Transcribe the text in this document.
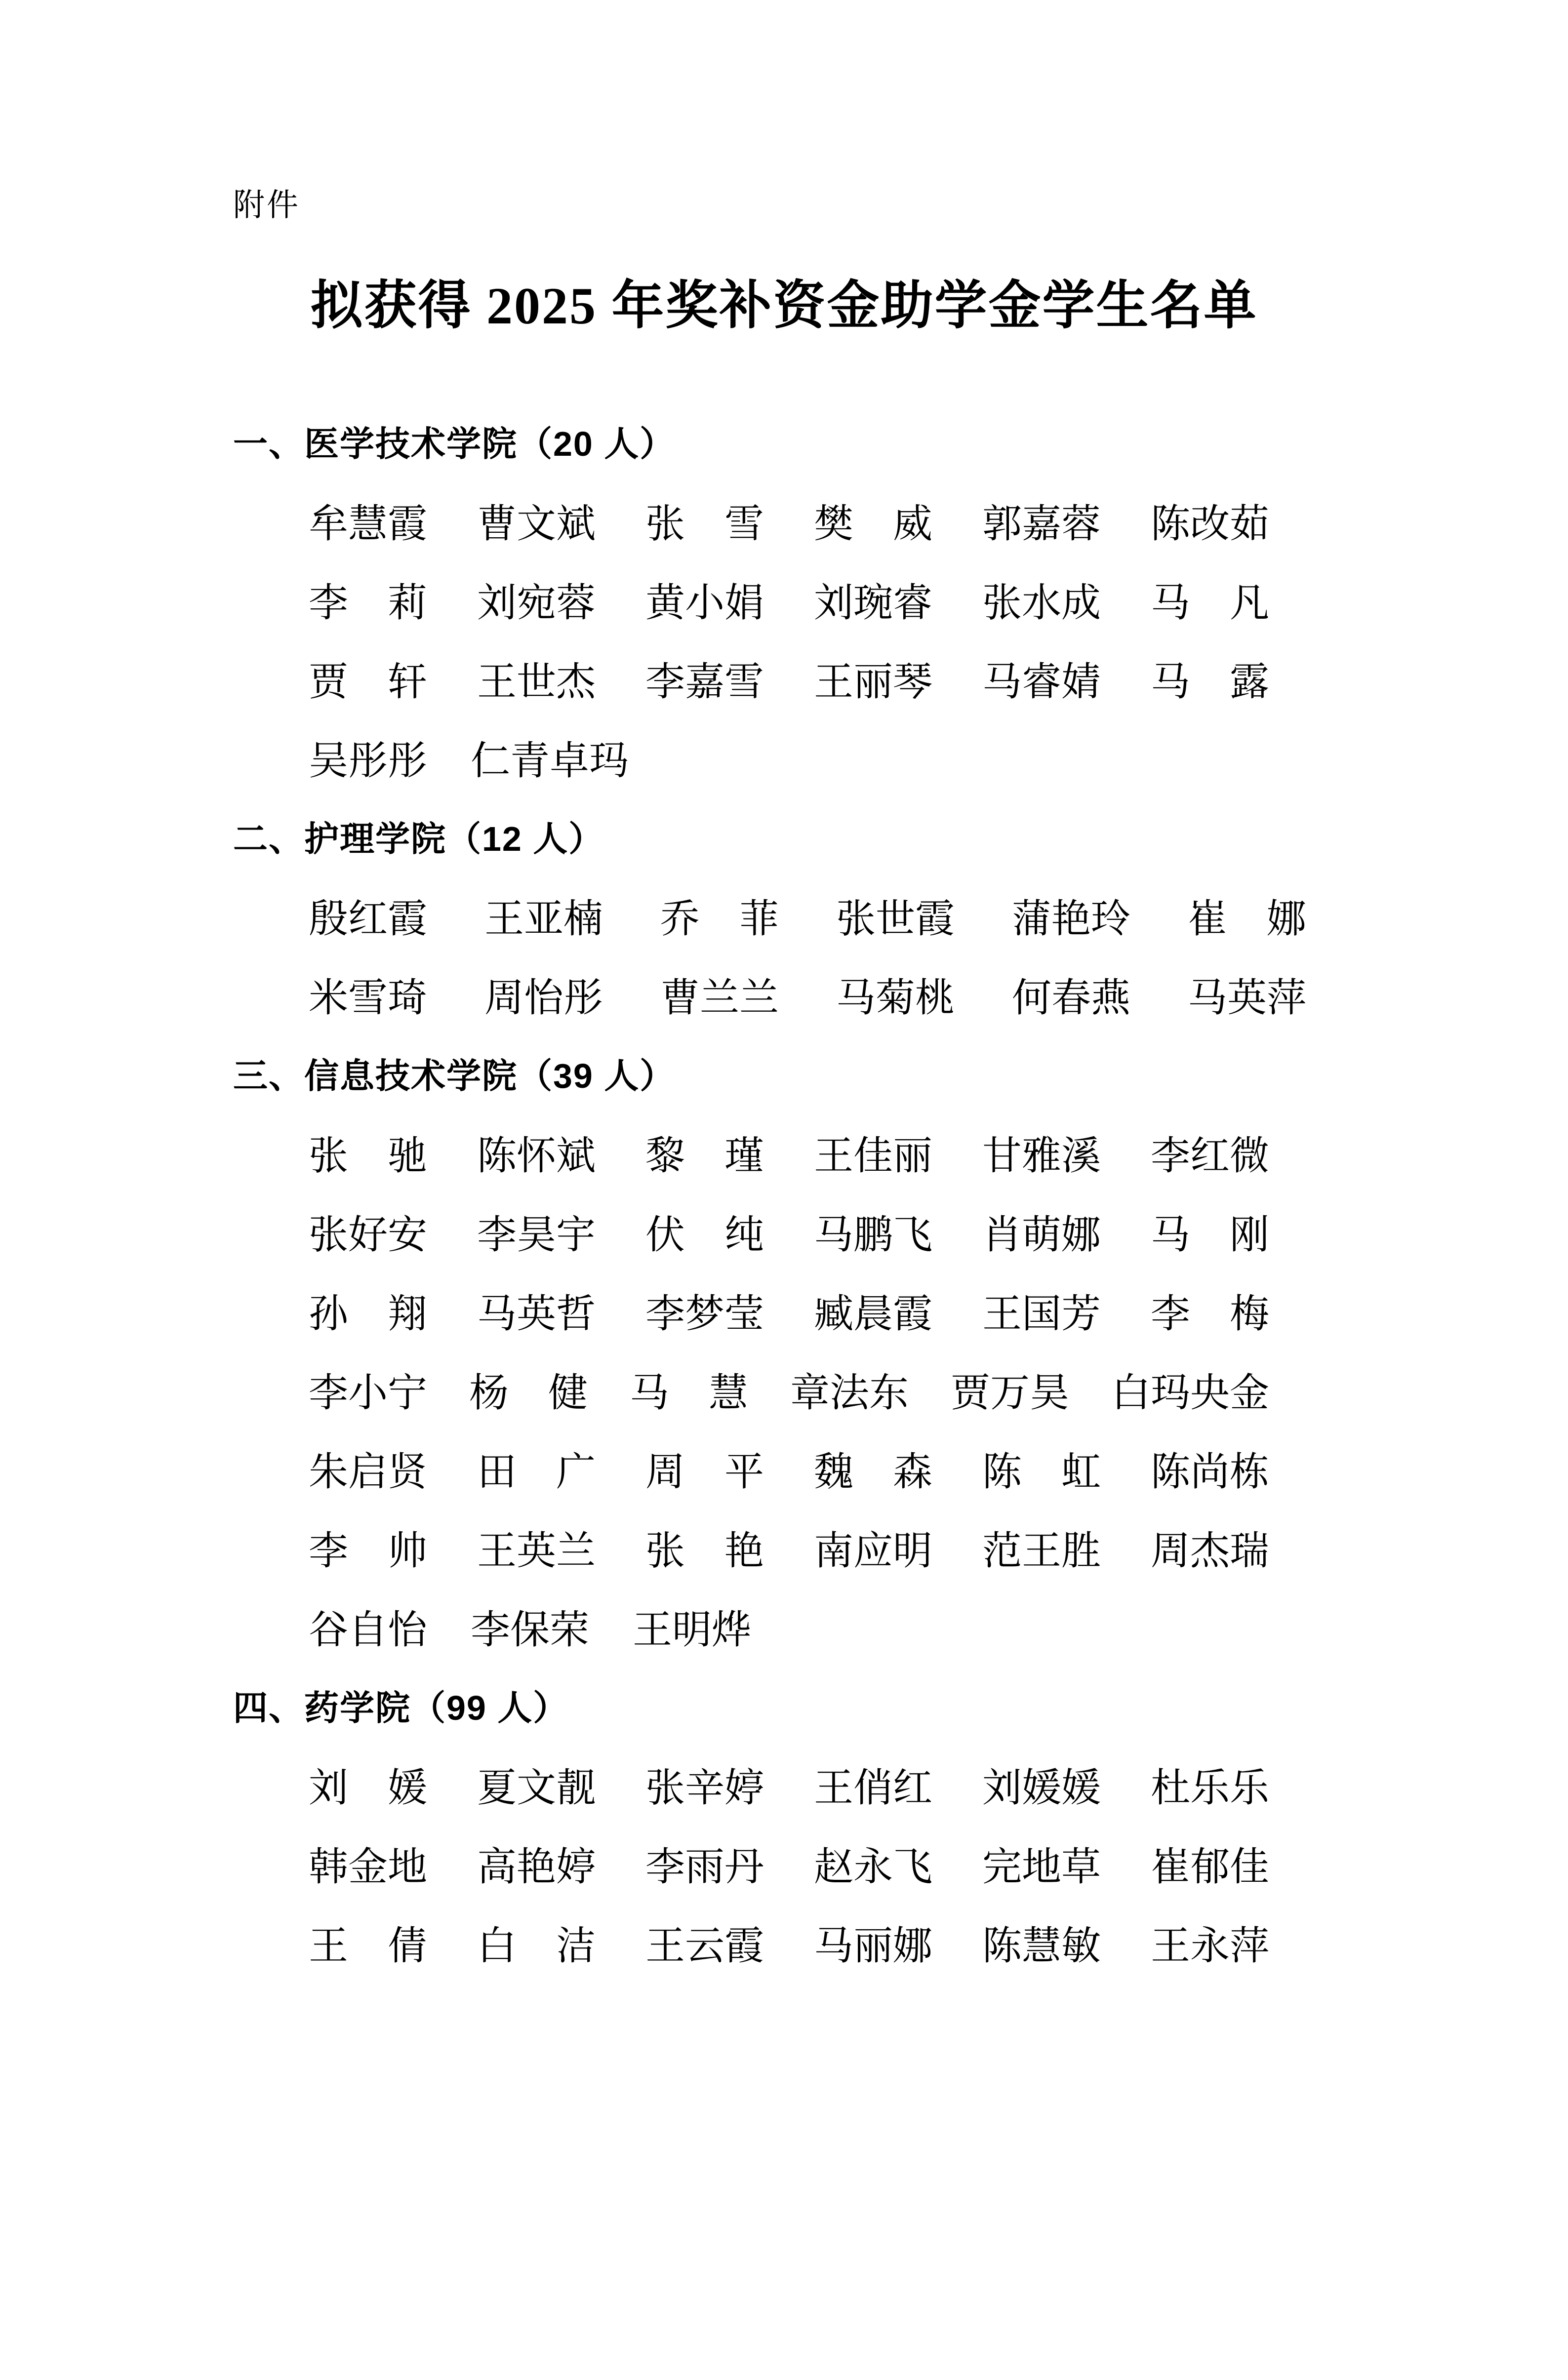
附件
拟获得 2025 年奖补资金助学金学生名单
一、医学技术学院（20 人）
牟慧霞 曹文斌 张 雪 樊 威 郭嘉蓉 陈改茹
李 莉 刘宛蓉 黄小娟 刘琬睿 张水成 马 凡
贾 轩 王世杰 李嘉雪 王丽琴 马睿婧 马 露
吴彤彤 仁青卓玛
二、护理学院（12 人）
殷红霞 王亚楠 乔 菲 张世霞 蒲艳玲 崔 娜
米雪琦 周怡彤 曹兰兰 马菊桃 何春燕 马英萍
三、信息技术学院（39 人）
张 驰 陈怀斌 黎 瑾 王佳丽 甘雅溪 李红微
张好安 李昊宇 伏 纯 马鹏飞 肖萌娜 马 刚
孙 翔 马英哲 李梦莹 臧晨霞 王国芳 李 梅
李小宁 杨 健 马 慧 章法东 贾万昊 白玛央金
朱启贤 田 广 周 平 魏 森 陈 虹 陈尚栋
李 帅 王英兰 张 艳 南应明 范王胜 周杰瑞
谷自怡 李保荣 王明烨
四、药学院（99 人）
刘 媛 夏文靓 张辛婷 王俏红 刘媛媛 杜乐乐
韩金地 高艳婷 李雨丹 赵永飞 完地草 崔郁佳
王 倩 白 洁 王云霞 马丽娜 陈慧敏 王永萍
